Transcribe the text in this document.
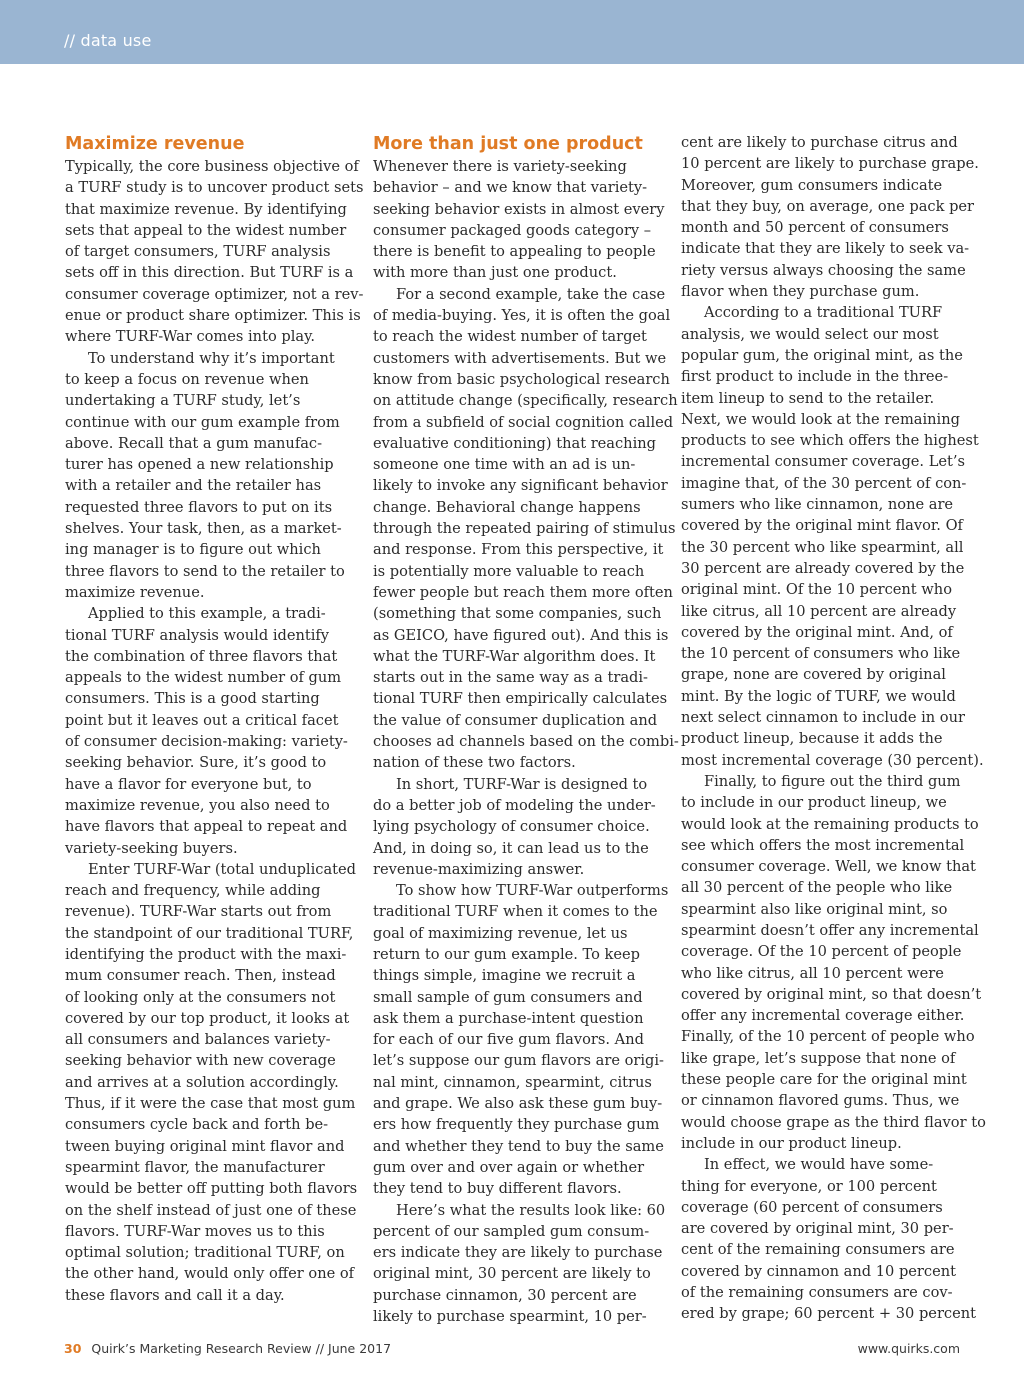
// data use
Maximize revenue
Typically, the core business objective of
a TURF study is to uncover product sets
that maximize revenue. By identifying
sets that appeal to the widest number
of target consumers, TURF analysis
sets off in this direction. But TURF is a
consumer coverage optimizer, not a rev-
enue or product share optimizer. This is
where TURF-War comes into play.
To understand why it’s important
to keep a focus on revenue when
undertaking a TURF study, let’s
continue with our gum example from
above. Recall that a gum manufac-
turer has opened a new relationship
with a retailer and the retailer has
requested three flavors to put on its
shelves. Your task, then, as a market-
ing manager is to figure out which
three flavors to send to the retailer to
maximize revenue.
Applied to this example, a tradi-
tional TURF analysis would identify
the combination of three flavors that
appeals to the widest number of gum
consumers. This is a good starting
point but it leaves out a critical facet
of consumer decision-making: variety-
seeking behavior. Sure, it’s good to
have a flavor for everyone but, to
maximize revenue, you also need to
have flavors that appeal to repeat and
variety-seeking buyers.
Enter TURF-War (total unduplicated
reach and frequency, while adding
revenue). TURF-War starts out from
the standpoint of our traditional TURF,
identifying the product with the maxi-
mum consumer reach. Then, instead
of looking only at the consumers not
covered by our top product, it looks at
all consumers and balances variety-
seeking behavior with new coverage
and arrives at a solution accordingly.
Thus, if it were the case that most gum
consumers cycle back and forth be-
tween buying original mint flavor and
spearmint flavor, the manufacturer
would be better off putting both flavors
on the shelf instead of just one of these
flavors. TURF-War moves us to this
optimal solution; traditional TURF, on
the other hand, would only offer one of
these flavors and call it a day.
More than just one product
Whenever there is variety-seeking
behavior – and we know that variety-
seeking behavior exists in almost every
consumer packaged goods category –
there is benefit to appealing to people
with more than just one product.
For a second example, take the case
of media-buying. Yes, it is often the goal
to reach the widest number of target
customers with advertisements. But we
know from basic psychological research
on attitude change (specifically, research
from a subfield of social cognition called
evaluative conditioning) that reaching
someone one time with an ad is un-
likely to invoke any significant behavior
change. Behavioral change happens
through the repeated pairing of stimulus
and response. From this perspective, it
is potentially more valuable to reach
fewer people but reach them more often
(something that some companies, such
as GEICO, have figured out). And this is
what the TURF-War algorithm does. It
starts out in the same way as a tradi-
tional TURF then empirically calculates
the value of consumer duplication and
chooses ad channels based on the combi-
nation of these two factors.
In short, TURF-War is designed to
do a better job of modeling the under-
lying psychology of consumer choice.
And, in doing so, it can lead us to the
revenue-maximizing answer.
To show how TURF-War outperforms
traditional TURF when it comes to the
goal of maximizing revenue, let us
return to our gum example. To keep
things simple, imagine we recruit a
small sample of gum consumers and
ask them a purchase-intent question
for each of our five gum flavors. And
let’s suppose our gum flavors are origi-
nal mint, cinnamon, spearmint, citrus
and grape. We also ask these gum buy-
ers how frequently they purchase gum
and whether they tend to buy the same
gum over and over again or whether
they tend to buy different flavors.
Here’s what the results look like: 60
percent of our sampled gum consum-
ers indicate they are likely to purchase
original mint, 30 percent are likely to
purchase cinnamon, 30 percent are
likely to purchase spearmint, 10 per-
cent are likely to purchase citrus and
10 percent are likely to purchase grape.
Moreover, gum consumers indicate
that they buy, on average, one pack per
month and 50 percent of consumers
indicate that they are likely to seek va-
riety versus always choosing the same
flavor when they purchase gum.
According to a traditional TURF
analysis, we would select our most
popular gum, the original mint, as the
first product to include in the three-
item lineup to send to the retailer.
Next, we would look at the remaining
products to see which offers the highest
incremental consumer coverage. Let’s
imagine that, of the 30 percent of con-
sumers who like cinnamon, none are
covered by the original mint flavor. Of
the 30 percent who like spearmint, all
30 percent are already covered by the
original mint. Of the 10 percent who
like citrus, all 10 percent are already
covered by the original mint. And, of
the 10 percent of consumers who like
grape, none are covered by original
mint. By the logic of TURF, we would
next select cinnamon to include in our
product lineup, because it adds the
most incremental coverage (30 percent).
Finally, to figure out the third gum
to include in our product lineup, we
would look at the remaining products to
see which offers the most incremental
consumer coverage. Well, we know that
all 30 percent of the people who like
spearmint also like original mint, so
spearmint doesn’t offer any incremental
coverage. Of the 10 percent of people
who like citrus, all 10 percent were
covered by original mint, so that doesn’t
offer any incremental coverage either.
Finally, of the 10 percent of people who
like grape, let’s suppose that none of
these people care for the original mint
or cinnamon flavored gums. Thus, we
would choose grape as the third flavor to
include in our product lineup.
In effect, we would have some-
thing for everyone, or 100 percent
coverage (60 percent of consumers
are covered by original mint, 30 per-
cent of the remaining consumers are
covered by cinnamon and 10 percent
of the remaining consumers are cov-
ered by grape; 60 percent + 30 percent
30 Quirk’s Marketing Research Review // June 2017	www.quirks.com
